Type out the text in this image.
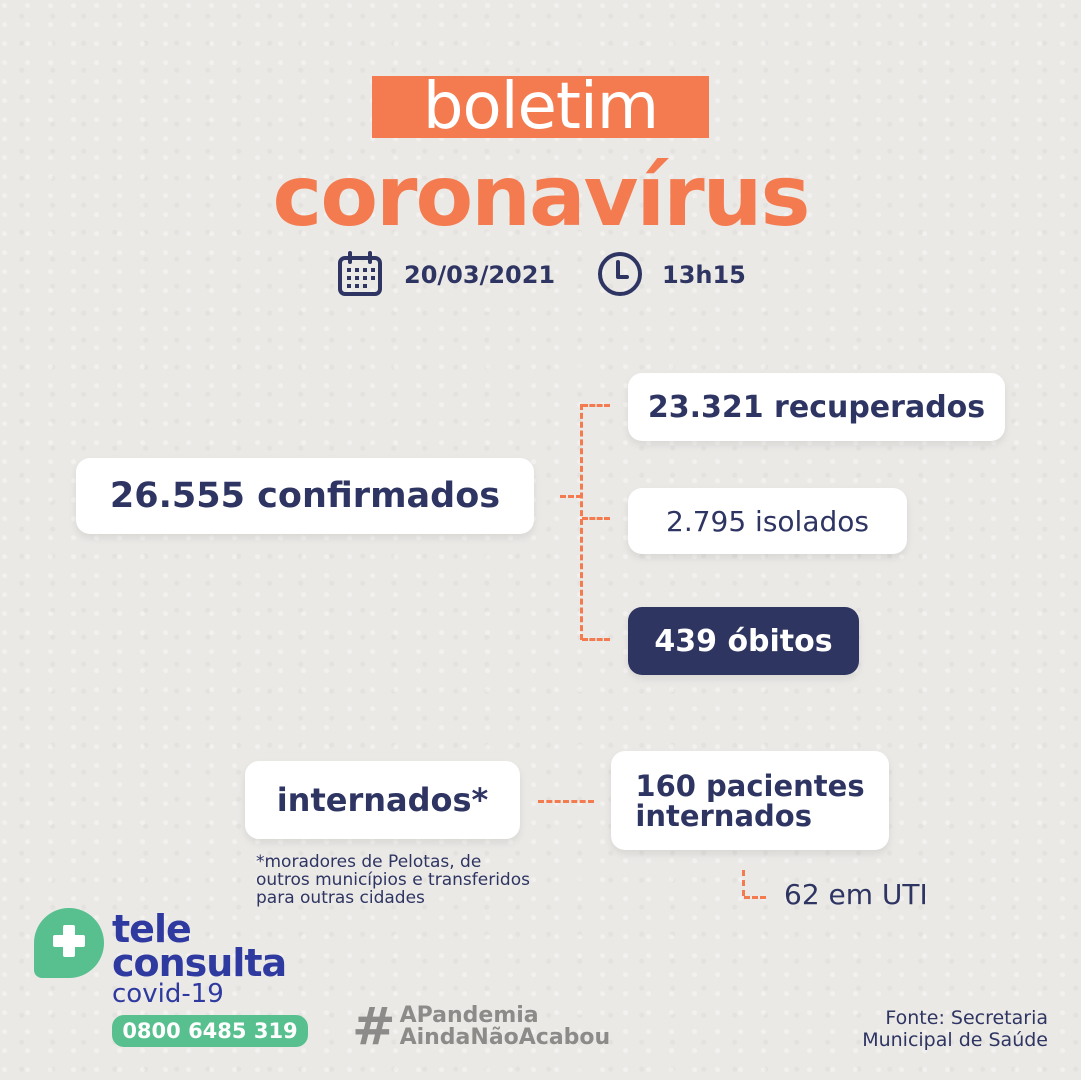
boletim
coronavírus
20/03/2021	13h15
26.555 confirmados
23.321 recuperados
2.795 isolados
439 óbitos
internados*	160 pacientes
internados
62 em UTI
*moradores de Pelotas, de
outros municípios e transferidos
para outras cidades
tele
consulta
covid-19
0800 6485 319 # APandemia
AindaNãoAcabou
Fonte: Secretaria
Municipal de Saúde
